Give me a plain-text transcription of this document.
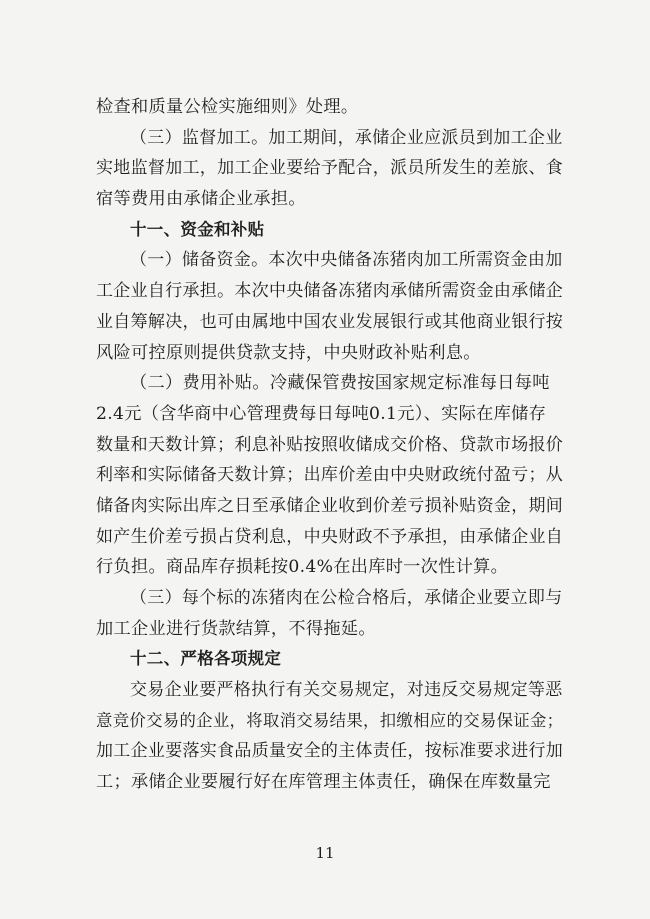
检查和质量公检实施细则》处理。
（三）监督加工。加工期间，承储企业应派员到加工企业
实地监督加工，加工企业要给予配合，派员所发生的差旅、食
宿等费用由承储企业承担。
十一、资金和补贴
（一）储备资金。本次中央储备冻猪肉加工所需资金由加
工企业自行承担。本次中央储备冻猪肉承储所需资金由承储企
业自筹解决，也可由属地中国农业发展银行或其他商业银行按
风险可控原则提供贷款支持，中央财政补贴利息。
（二）费用补贴。冷藏保管费按国家规定标准每日每吨
2.4元（含华商中心管理费每日每吨0.1元）、实际在库储存
数量和天数计算；利息补贴按照收储成交价格、贷款市场报价
利率和实际储备天数计算；出库价差由中央财政统付盈亏；从
储备肉实际出库之日至承储企业收到价差亏损补贴资金，期间
如产生价差亏损占贷利息，中央财政不予承担，由承储企业自
行负担。商品库存损耗按0.4%在出库时一次性计算。
（三）每个标的冻猪肉在公检合格后，承储企业要立即与
加工企业进行货款结算，不得拖延。
十二、严格各项规定
交易企业要严格执行有关交易规定，对违反交易规定等恶
意竞价交易的企业，将取消交易结果，扣缴相应的交易保证金；
加工企业要落实食品质量安全的主体责任，按标准要求进行加
工；承储企业要履行好在库管理主体责任，确保在库数量完
11
